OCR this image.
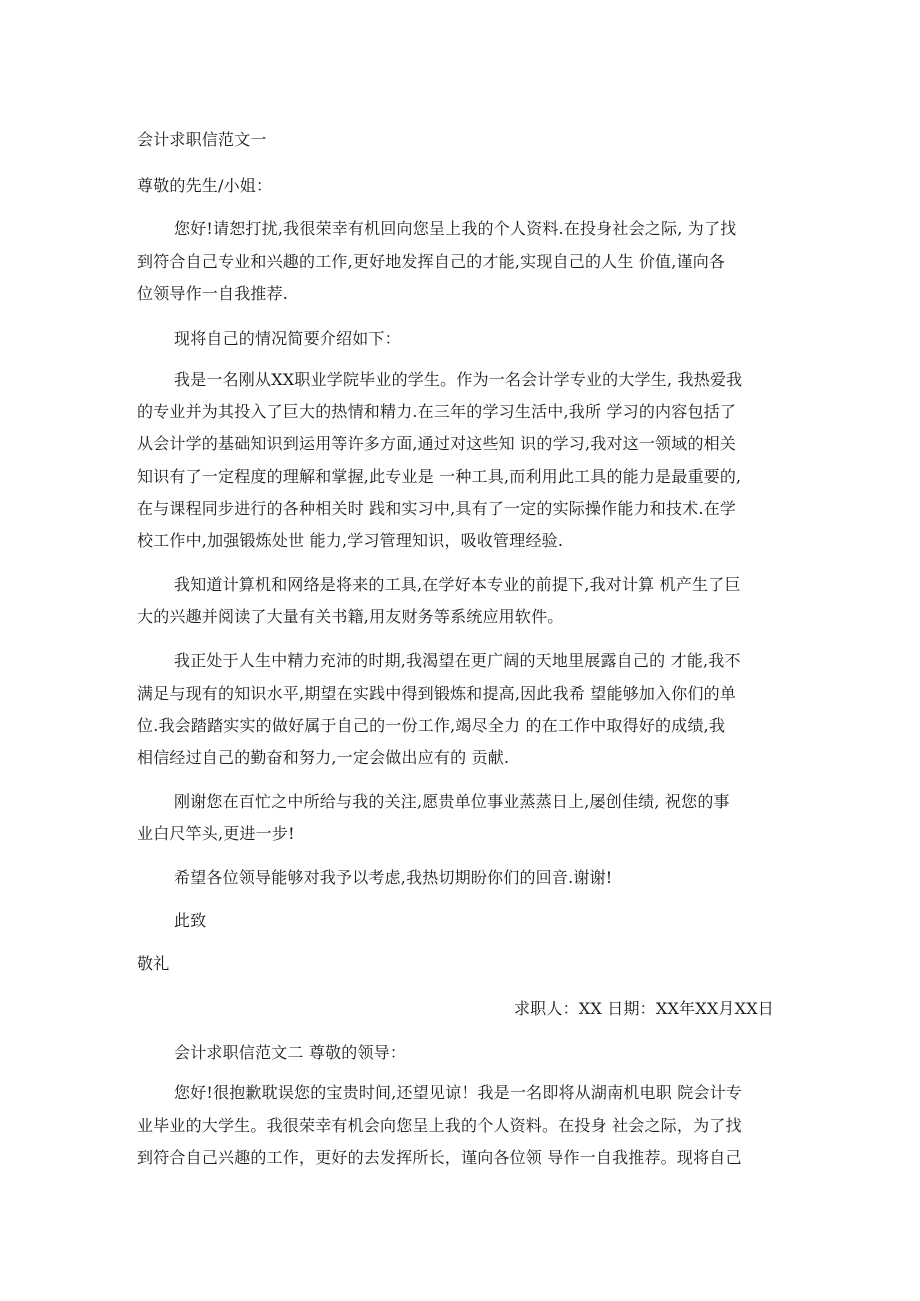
会计求职信范文一
尊敬的先生/小姐：
您好!请恕打扰,我很荣幸有机回向您呈上我的个人资料.在投身社会之际, 为了找
到符合自己专业和兴趣的工作,更好地发挥自己的才能,实现自己的人生 价值,谨向各
位领导作一自我推荐.
现将自己的情况简要介绍如下：
我是一名刚从XX职业学院毕业的学生。作为一名会计学专业的大学生, 我热爱我
的专业并为其投入了巨大的热情和精力.在三年的学习生活中,我所 学习的内容包括了
从会计学的基础知识到运用等许多方面,通过对这些知 识的学习,我对这一领域的相关
知识有了一定程度的理解和掌握,此专业是 一种工具,而利用此工具的能力是最重要的,
在与课程同步进行的各种相关时 践和实习中,具有了一定的实际操作能力和技术.在学
校工作中,加强锻炼处世 能力,学习管理知识，吸收管理经验.
我知道计算机和网络是将来的工具,在学好本专业的前提下,我对计算 机产生了巨
大的兴趣并阅读了大量有关书籍,用友财务等系统应用软件。
我正处于人生中精力充沛的时期,我渴望在更广阔的天地里展露自己的 才能,我不
满足与现有的知识水平,期望在实践中得到锻炼和提高,因此我希 望能够加入你们的单
位.我会踏踏实实的做好属于自己的一份工作,竭尽全力 的在工作中取得好的成绩,我
相信经过自己的勤奋和努力,一定会做出应有的 贡献.
刚谢您在百忙之中所给与我的关注,愿贵单位事业蒸蒸日上,屡创佳绩, 祝您的事
业白尺竿头,更进一步!
希望各位领导能够对我予以考虑,我热切期盼你们的回音.谢谢!
此致
敬礼
求职人：XX 日期：XX年XX月XX日
会计求职信范文二 尊敬的领导：
您好!很抱歉耽误您的宝贵时间,还望见谅！我是一名即将从湖南机电职 院会计专
业毕业的大学生。我很荣幸有机会向您呈上我的个人资料。在投身 社会之际，为了找
到符合自己兴趣的工作，更好的去发挥所长，谨向各位领 导作一自我推荐。现将自己
